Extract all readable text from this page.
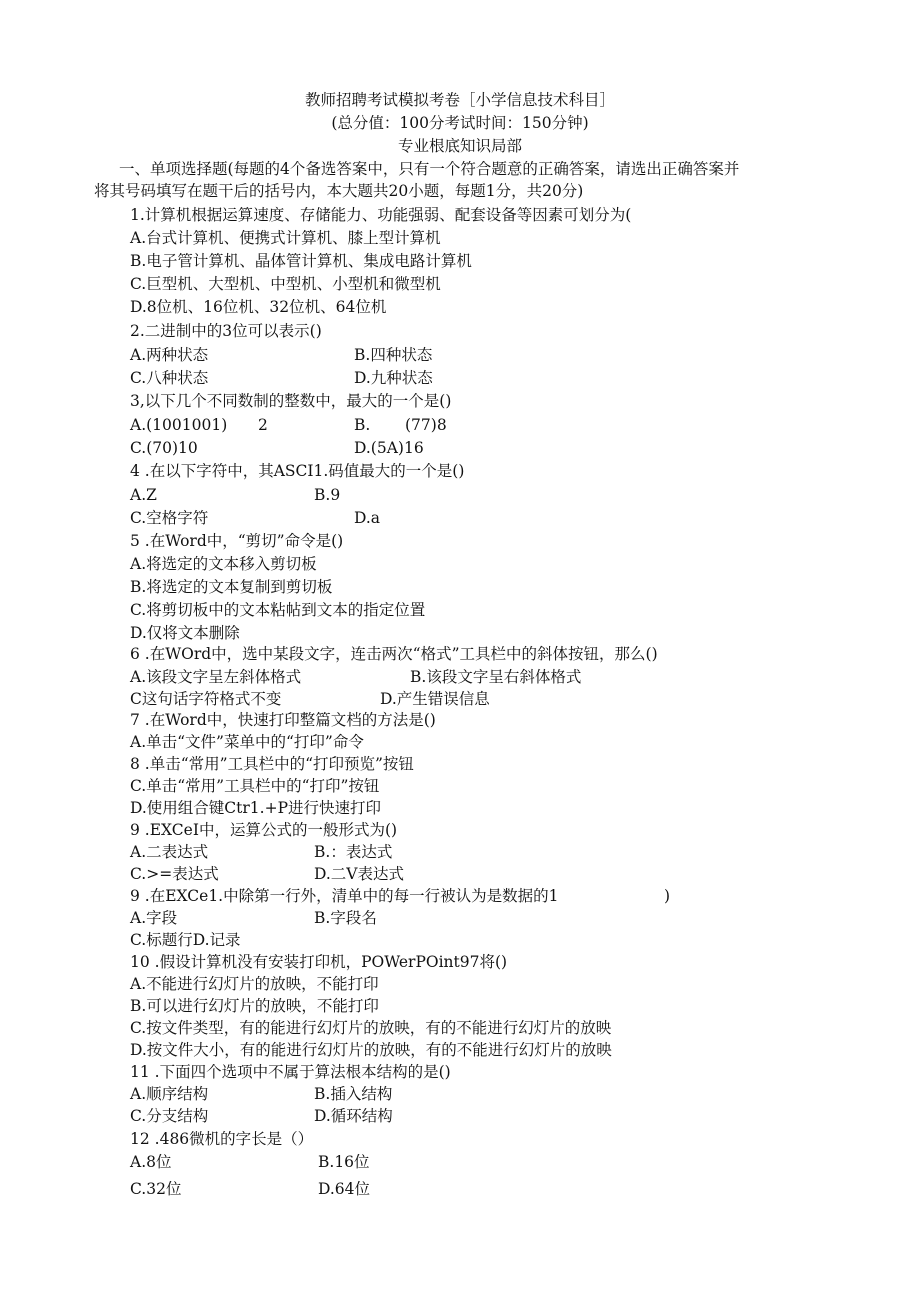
教师招聘考试模拟考卷［小学信息技术科目］
(总分值：100分考试时间：150分钟)
专业根底知识局部
一、单项选择题(每题的4个备选答案中，只有一个符合题意的正确答案，请选出正确答案并
将其号码填写在题干后的括号内，本大题共20小题，每题1分，共20分)
1.计算机根据运算速度、存储能力、功能强弱、配套设备等因素可划分为(
A.台式计算机、便携式计算机、膝上型计算机
B.电子管计算机、晶体管计算机、集成电路计算机
C.巨型机、大型机、中型机、小型机和微型机
D.8位机、16位机、32位机、64位机
2.二进制中的3位可以表示()
A.两种状态	B.四种状态
C.八种状态	D.九种状态
3,以下几个不同数制的整数中，最大的一个是()
A.(1001001) 2	B. (77)8
C.(70)10	D.(5A)16
4 .在以下字符中，其ASCI1.码值最大的一个是()
A.Z	B.9
C.空格字符	D.a
5 .在Word中，“剪切”命令是()
A.将选定的文本移入剪切板
B.将选定的文本复制到剪切板
C.将剪切板中的文本粘帖到文本的指定位置
D.仅将文本删除
6 .在WOrd中，选中某段文字，连击两次“格式”工具栏中的斜体按钮，那么()
A.该段文字呈左斜体格式	B.该段文字呈右斜体格式
C这句话字符格式不变	D.产生错误信息
7 .在Word中，快速打印整篇文档的方法是()
A.单击“文件”菜单中的“打印”命令
8 .单击“常用”工具栏中的“打印预览”按钮
C.单击“常用”工具栏中的“打印”按钮
D.使用组合键Ctr1.+P进行快速打印
9 .EXCeI中，运算公式的一般形式为()
A.二表达式	B.：表达式
C.>=表达式	D.二V表达式
9 .在EXCe1.中除第一行外，清单中的每一行被认为是数据的1	)
A.字段	B.字段名
C.标题行D.记录
10 .假设计算机没有安装打印机，POWerPOint97将()
A.不能进行幻灯片的放映，不能打印
B.可以进行幻灯片的放映，不能打印
C.按文件类型，有的能进行幻灯片的放映，有的不能进行幻灯片的放映
D.按文件大小，有的能进行幻灯片的放映，有的不能进行幻灯片的放映
11 .下面四个选项中不属于算法根本结构的是()
A.顺序结构	B.插入结构
C.分支结构	D.循环结构
12 .486微机的字长是（）
A.8位	B.16位
C.32位	D.64位
